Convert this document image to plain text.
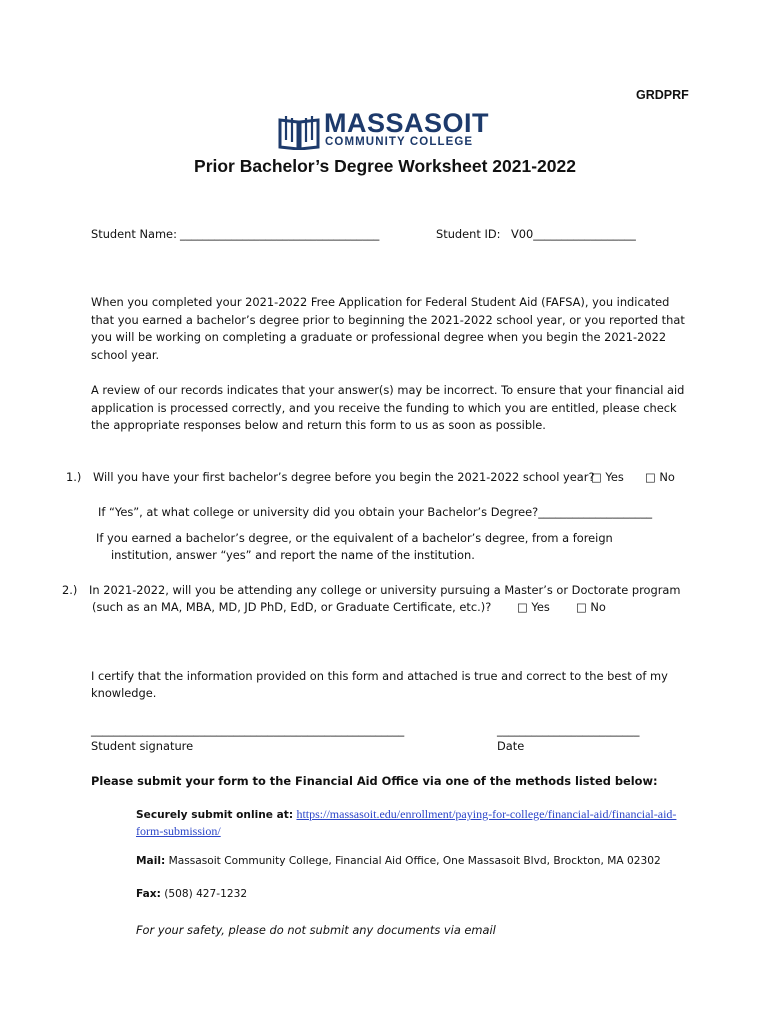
GRDPRF
MASSASOIT
COMMUNITY COLLEGE
Prior Bachelor’s Degree Worksheet 2021-2022
Student Name: ___________________________________	Student ID: V00__________________
When you completed your 2021-2022 Free Application for Federal Student Aid (FAFSA), you indicated
that you earned a bachelor’s degree prior to beginning the 2021-2022 school year, or you reported that
you will be working on completing a graduate or professional degree when you begin the 2021-2022
school year.
A review of our records indicates that your answer(s) may be incorrect. To ensure that your financial aid
application is processed correctly, and you receive the funding to which you are entitled, please check
the appropriate responses below and return this form to us as soon as possible.
1.) Will you have your first bachelor’s degree before you begin the 2021-2022 school year?
□ Yes □ No
If “Yes”, at what college or university did you obtain your Bachelor’s Degree?____________________
If you earned a bachelor’s degree, or the equivalent of a bachelor’s degree, from a foreign
institution, answer “yes” and report the name of the institution.
2.) In 2021-2022, will you be attending any college or university pursuing a Master’s or Doctorate program
(such as an MA, MBA, MD, JD PhD, EdD, or Graduate Certificate, etc.)? □ Yes □ No
I certify that the information provided on this form and attached is true and correct to the best of my
knowledge.
_______________________________________________________
Student signature
_________________________
Date
Please submit your form to the Financial Aid Office via one of the methods listed below:
Securely submit online at: https://massasoit.edu/enrollment/paying-for-college/financial-aid/financial-aid-
form-submission/
Mail: Massasoit Community College, Financial Aid Office, One Massasoit Blvd, Brockton, MA 02302
Fax: (508) 427-1232
For your safety, please do not submit any documents via email
